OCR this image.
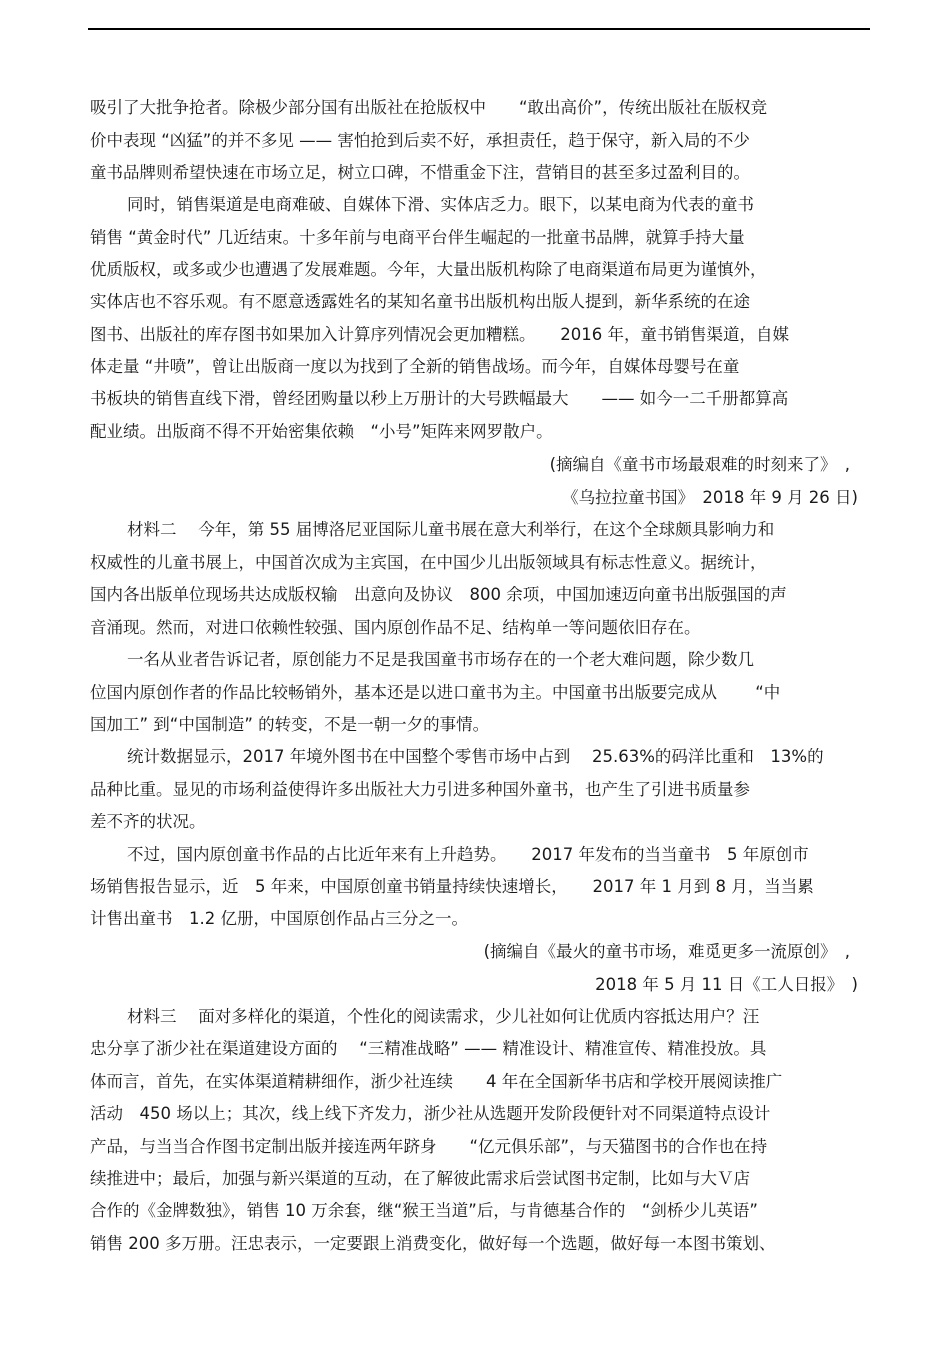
吸引了大批争抢者。除极少部分国有出版社在抢版权中　　“敢出高价”，传统出版社在版权竞
价中表现 “凶猛”的并不多见 —— 害怕抢到后卖不好，承担责任，趋于保守，新入局的不少
童书品牌则希望快速在市场立足，树立口碑，不惜重金下注，营销目的甚至多过盈利目的。
同时，销售渠道是电商难破、自媒体下滑、实体店乏力。眼下，以某电商为代表的童书
销售 “黄金时代” 几近结束。十多年前与电商平台伴生崛起的一批童书品牌，就算手持大量
优质版权，或多或少也遭遇了发展难题。今年，大量出版机构除了电商渠道布局更为谨慎外，
实体店也不容乐观。有不愿意透露姓名的某知名童书出版机构出版人提到，新华系统的在途
图书、出版社的库存图书如果加入计算序列情况会更加糟糕。　　2016 年，童书销售渠道，自媒
体走量 “井喷”，曾让出版商一度以为找到了全新的销售战场。而今年，自媒体母婴号在童
书板块的销售直线下滑，曾经团购量以秒上万册计的大号跌幅最大　　—— 如今一二千册都算高
配业绩。出版商不得不开始密集依赖　“小号”矩阵来网罗散户。
(摘编自《童书市场最艰难的时刻来了》　,
《乌拉拉童书国》　2018 年 9 月 26 日)
材料二　 今年，第 55 届博洛尼亚国际儿童书展在意大利举行，在这个全球颇具影响力和
权威性的儿童书展上，中国首次成为主宾国，在中国少儿出版领域具有标志性意义。据统计，
国内各出版单位现场共达成版权输　出意向及协议　800 余项，中国加速迈向童书出版强国的声
音涌现。然而，对进口依赖性较强、国内原创作品不足、结构单一等问题依旧存在。
一名从业者告诉记者，原创能力不足是我国童书市场存在的一个老大难问题，除少数几
位国内原创作者的作品比较畅销外，基本还是以进口童书为主。中国童书出版要完成从　　 “中
国加工” 到“中国制造” 的转变，不是一朝一夕的事情。
统计数据显示，2017 年境外图书在中国整个零售市场中占到　 25.63%的码洋比重和　13%的
品种比重。显见的市场利益使得许多出版社大力引进多种国外童书，也产生了引进书质量参
差不齐的状况。
不过，国内原创童书作品的占比近年来有上升趋势。　　2017 年发布的当当童书　5 年原创市
场销售报告显示，近　5 年来，中国原创童书销量持续快速增长，　　2017 年 1 月到 8 月，当当累
计售出童书　1.2 亿册，中国原创作品占三分之一。
(摘编自《最火的童书市场，难觅更多一流原创》　,
2018 年 5 月 11 日《工人日报》　)
材料三　 面对多样化的渠道，个性化的阅读需求，少儿社如何让优质内容抵达用户？汪
忠分享了浙少社在渠道建设方面的　 “三精准战略” —— 精准设计、精准宣传、精准投放。具
体而言，首先，在实体渠道精耕细作，浙少社连续　　4 年在全国新华书店和学校开展阅读推广
活动　450 场以上；其次，线上线下齐发力，浙少社从选题开发阶段便针对不同渠道特点设计
产品，与当当合作图书定制出版并接连两年跻身　　“亿元俱乐部”，与天猫图书的合作也在持
续推进中；最后，加强与新兴渠道的互动，在了解彼此需求后尝试图书定制，比如与大Ｖ店
合作的《金牌数独》，销售 10 万余套，继“猴王当道”后，与肯德基合作的　“剑桥少儿英语”
销售 200 多万册。汪忠表示，一定要跟上消费变化，做好每一个选题，做好每一本图书策划、
